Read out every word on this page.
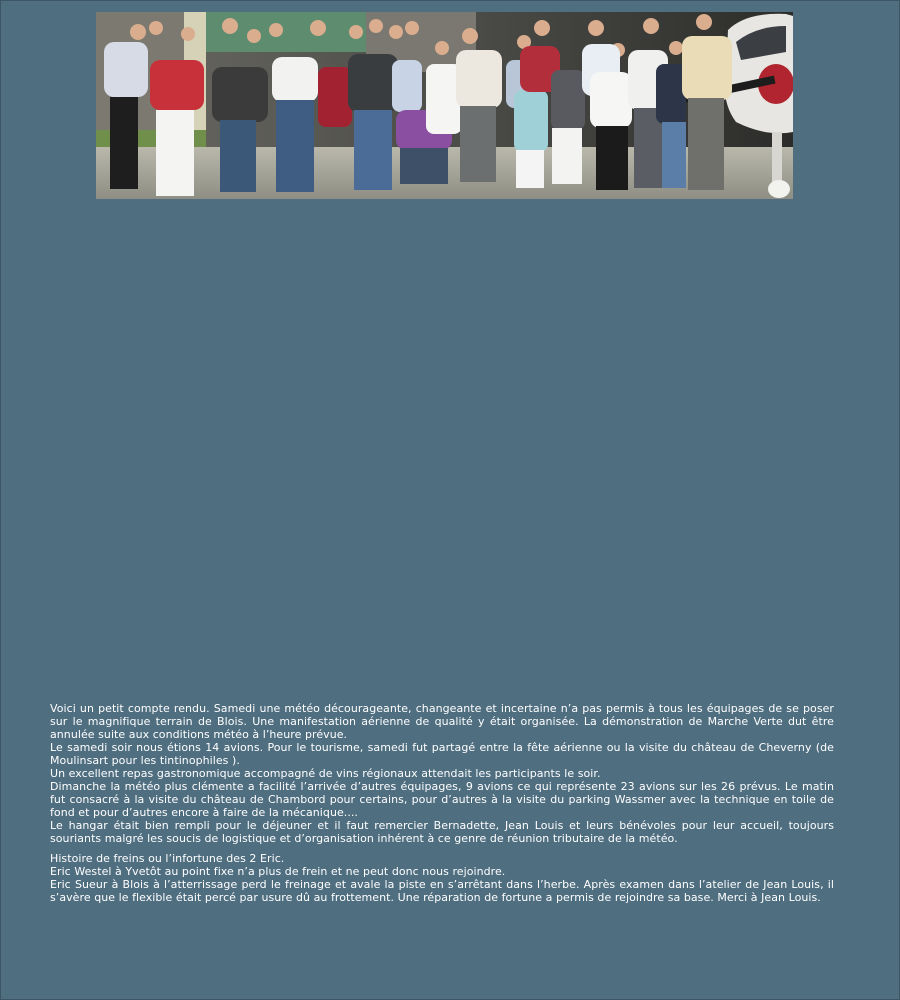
Voici un petit compte rendu. Samedi une météo décourageante, changeante et incertaine n’a pas permis à tous les équipages de se poser sur le magnifique terrain de Blois. Une manifestation aérienne de qualité y était organisée. La démonstration de Marche Verte dut être annulée suite aux conditions météo à l’heure prévue.

Le samedi soir nous étions 14 avions. Pour le tourisme, samedi fut partagé entre la fête aérienne ou la visite du château de Cheverny (de Moulinsart pour les tintinophiles ).

Un excellent repas gastronomique accompagné de vins régionaux attendait les participants le soir.

Dimanche la météo plus clémente a facilité l’arrivée d’autres équipages, 9 avions ce qui représente 23 avions sur les 26 prévus. Le matin fut consacré à la visite du château de Chambord pour certains, pour d’autres à la visite du parking Wassmer avec la technique en toile de fond et pour d’autres encore à faire de la mécanique....

Le hangar était bien rempli pour le déjeuner et il faut remercier Bernadette, Jean Louis et leurs bénévoles pour leur accueil, toujours souriants malgré les soucis de logistique et d’organisation inhérent à ce genre de réunion tributaire de la météo.

Histoire de freins ou l’infortune des 2 Eric.

Eric Westel à Yvetôt au point fixe n’a plus de frein et ne peut donc nous rejoindre.

Eric Sueur à Blois à l’atterrissage perd le freinage et avale la piste en s’arrêtant dans l’herbe. Après examen dans l’atelier de Jean Louis, il s’avère que le flexible était percé par usure dû au frottement. Une réparation de fortune a permis de rejoindre sa base. Merci à Jean Louis.
